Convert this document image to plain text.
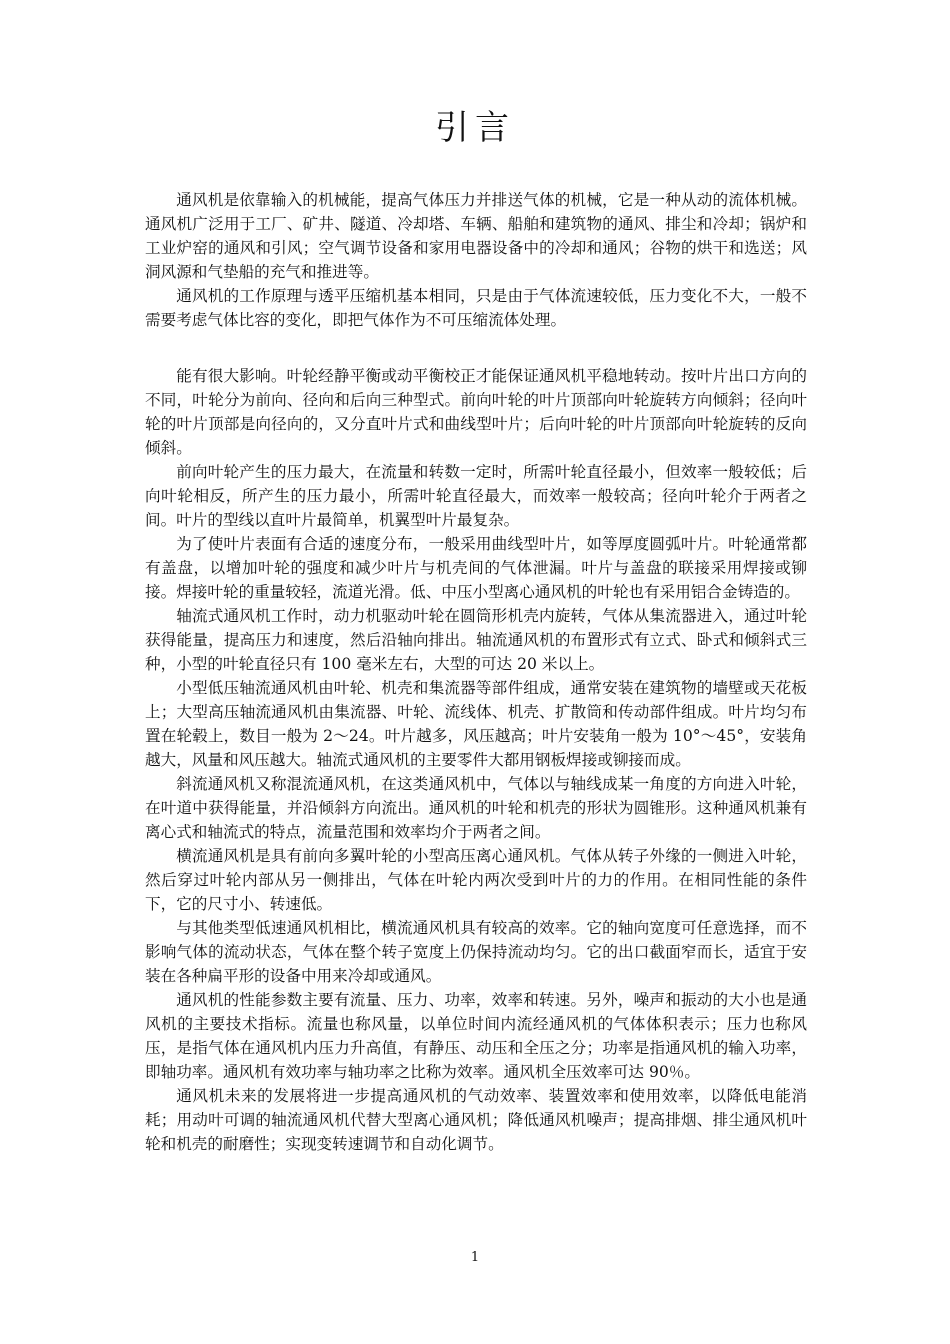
引言

通风机是依靠输入的机械能，提高气体压力并排送气体的机械，它是一种从动的流体机械。通风机广泛用于工厂、矿井、隧道、冷却塔、车辆、船舶和建筑物的通风、排尘和冷却；锅炉和工业炉窑的通风和引风；空气调节设备和家用电器设备中的冷却和通风；谷物的烘干和选送；风洞风源和气垫船的充气和推进等。

通风机的工作原理与透平压缩机基本相同，只是由于气体流速较低，压力变化不大，一般不需要考虑气体比容的变化，即把气体作为不可压缩流体处理。

能有很大影响。叶轮经静平衡或动平衡校正才能保证通风机平稳地转动。按叶片出口方向的不同，叶轮分为前向、径向和后向三种型式。前向叶轮的叶片顶部向叶轮旋转方向倾斜；径向叶轮的叶片顶部是向径向的，又分直叶片式和曲线型叶片；后向叶轮的叶片顶部向叶轮旋转的反向倾斜。

前向叶轮产生的压力最大，在流量和转数一定时，所需叶轮直径最小，但效率一般较低；后向叶轮相反，所产生的压力最小，所需叶轮直径最大，而效率一般较高；径向叶轮介于两者之间。叶片的型线以直叶片最简单，机翼型叶片最复杂。

为了使叶片表面有合适的速度分布，一般采用曲线型叶片，如等厚度圆弧叶片。叶轮通常都有盖盘，以增加叶轮的强度和减少叶片与机壳间的气体泄漏。叶片与盖盘的联接采用焊接或铆接。焊接叶轮的重量较轻，流道光滑。低、中压小型离心通风机的叶轮也有采用铝合金铸造的。

轴流式通风机工作时，动力机驱动叶轮在圆筒形机壳内旋转，气体从集流器进入，通过叶轮获得能量，提高压力和速度，然后沿轴向排出。轴流通风机的布置形式有立式、卧式和倾斜式三种，小型的叶轮直径只有 100 毫米左右，大型的可达 20 米以上。

小型低压轴流通风机由叶轮、机壳和集流器等部件组成，通常安装在建筑物的墙壁或天花板上；大型高压轴流通风机由集流器、叶轮、流线体、机壳、扩散筒和传动部件组成。叶片均匀布置在轮毂上，数目一般为 2～24。叶片越多，风压越高；叶片安装角一般为 10°～45°，安装角越大，风量和风压越大。轴流式通风机的主要零件大都用钢板焊接或铆接而成。

斜流通风机又称混流通风机，在这类通风机中，气体以与轴线成某一角度的方向进入叶轮，在叶道中获得能量，并沿倾斜方向流出。通风机的叶轮和机壳的形状为圆锥形。这种通风机兼有离心式和轴流式的特点，流量范围和效率均介于两者之间。

横流通风机是具有前向多翼叶轮的小型高压离心通风机。气体从转子外缘的一侧进入叶轮，然后穿过叶轮内部从另一侧排出，气体在叶轮内两次受到叶片的力的作用。在相同性能的条件下，它的尺寸小、转速低。

与其他类型低速通风机相比，横流通风机具有较高的效率。它的轴向宽度可任意选择，而不影响气体的流动状态，气体在整个转子宽度上仍保持流动均匀。它的出口截面窄而长，适宜于安装在各种扁平形的设备中用来冷却或通风。

通风机的性能参数主要有流量、压力、功率，效率和转速。另外，噪声和振动的大小也是通风机的主要技术指标。流量也称风量，以单位时间内流经通风机的气体体积表示；压力也称风压，是指气体在通风机内压力升高值，有静压、动压和全压之分；功率是指通风机的输入功率，即轴功率。通风机有效功率与轴功率之比称为效率。通风机全压效率可达 90％。

通风机未来的发展将进一步提高通风机的气动效率、装置效率和使用效率，以降低电能消耗；用动叶可调的轴流通风机代替大型离心通风机；降低通风机噪声；提高排烟、排尘通风机叶轮和机壳的耐磨性；实现变转速调节和自动化调节。

1
